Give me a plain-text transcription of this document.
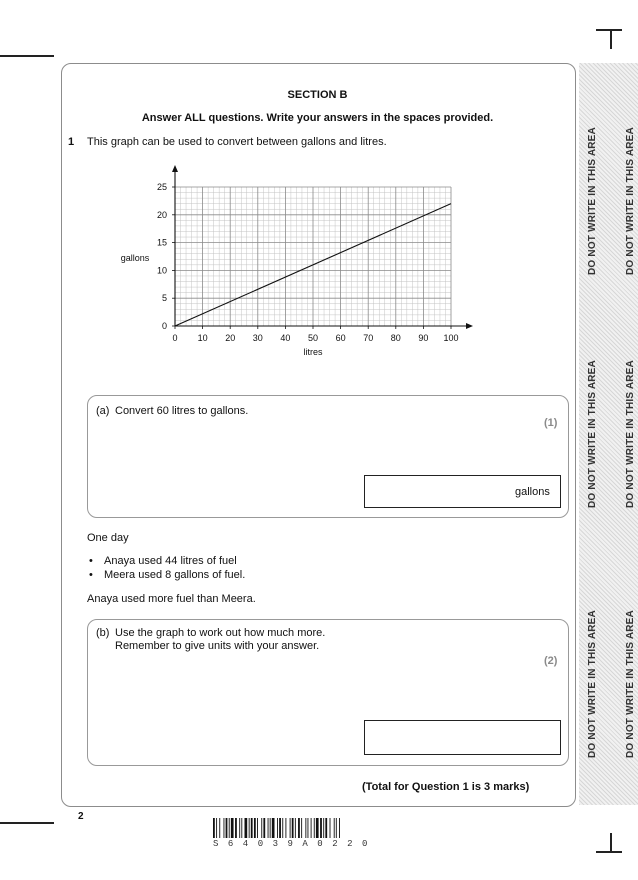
DO NOT WRITE IN THIS AREA	DO NOT WRITE IN THIS AREA
DO NOT WRITE IN THIS AREA	DO NOT WRITE IN THIS AREA
DO NOT WRITE IN THIS AREA	DO NOT WRITE IN THIS AREA
SECTION B
Answer ALL questions. Write your answers in the spaces provided.
1 This graph can be used to convert between gallons and litres.
0 10 20 30 40 50 60 70 80 90 100
0
5
10
15
20
25
litres
gallons
(a) Convert 60 litres to gallons.
(1)
gallons
One day
• Anaya used 44 litres of fuel
• Meera used 8 gallons of fuel.
Anaya used more fuel than Meera.
(b) Use the graph to work out how much more.
Remember to give units with your answer.
(2)
(Total for Question 1 is 3 marks)
2
S64039A0220
